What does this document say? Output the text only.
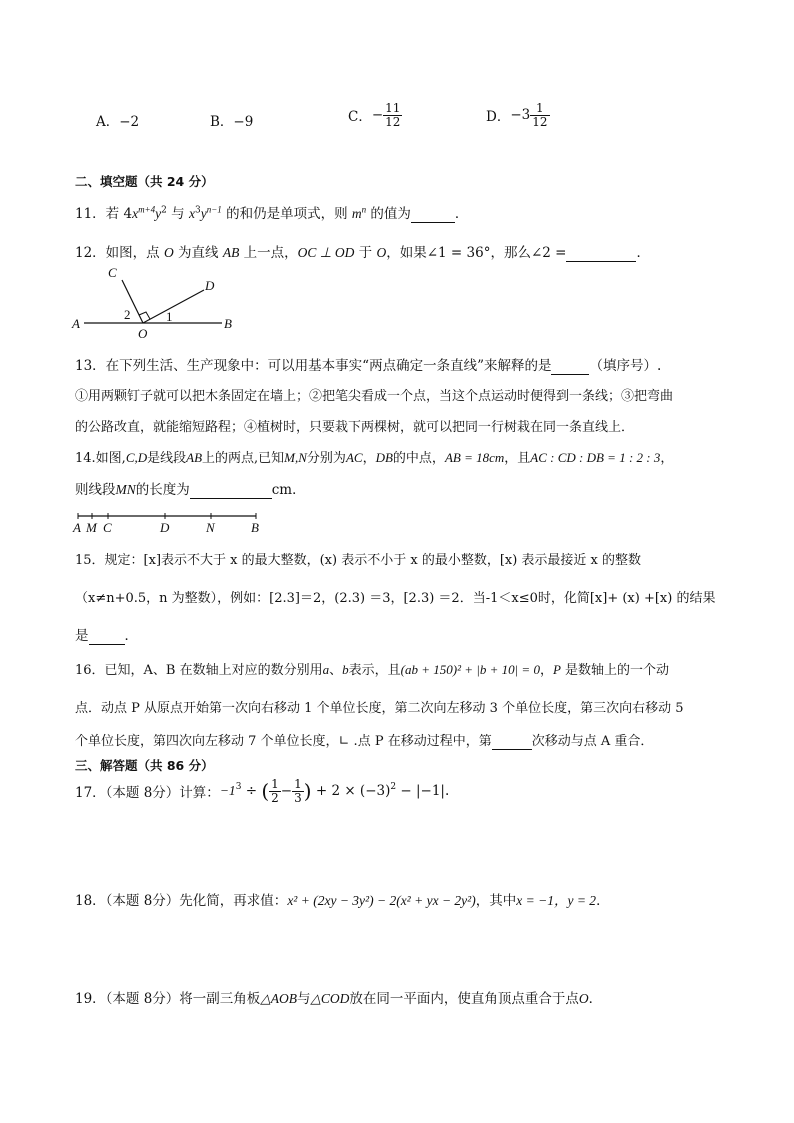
A．−2	B．−9	C．− $\frac{11}{12}$	D．$-3 \frac{1}{12}$
二、填空题（共 24 分）
11．若 $4x^{m+4}y^2$ 与 $x^3y^{n-1}$ 的和仍是单项式，则 $m^n$ 的值为	．
12．如图，点 O 为直线 AB 上一点，OC ⊥ OD 于 O，如果∠1 = 36°，那么∠2 =	．
A	B
C
D
O
1
2
13．在下列生活、生产现象中：可以用基本事实“两点确定一条直线”来解释的是	（填序号）.
①用两颗钉子就可以把木条固定在墙上；②把笔尖看成一个点，当这个点运动时便得到一条线；③把弯曲
的公路改直，就能缩短路程；④植树时，只要栽下两棵树，就可以把同一行树栽在同一条直线上．
14.如图,C,D是线段AB上的两点,已知M,N分别为AC，DB的中点，AB = 18cm，且AC : CD : DB = 1 : 2 : 3，
则线段MN的长度为	cm．
A M C	D	N	B
15．规定：[x]表示不大于 x 的最大整数，(x) 表示不小于 x 的最小整数，[x) 表示最接近 x 的整数
（x≠n+0.5，n 为整数），例如：[2.3]＝2，(2.3) ＝3，[2.3) ＝2．当-1＜x≤0时，化简[x]+ (x) +[x) 的结果
是	．
16．已知，A、B 在数轴上对应的数分别用a、b表示，且(ab + 150)² + |b + 10| = 0，P 是数轴上的一个动
点．动点 P 从原点开始第一次向右移动 1 个单位长度，第二次向左移动 3 个单位长度，第三次向右移动 5
个单位长度，第四次向左移动 7 个单位长度，∟ .点 P 在移动过程中，第	次移动与点 A 重合．
三、解答题（共 86 分）
17．（本题 8分）计算：$-1^3$ ÷ ( $\frac{1}{2} - \frac{1}{3}$ ) + $2 \times (-3)^2 - |-1|$.
18．（本题 8分）先化简，再求值：x² + (2xy − 3y²) − 2(x² + yx − 2y²)，其中x = −1，y = 2．
19．（本题 8分）将一副三角板△AOB与△COD放在同一平面内，使直角顶点重合于点O．
